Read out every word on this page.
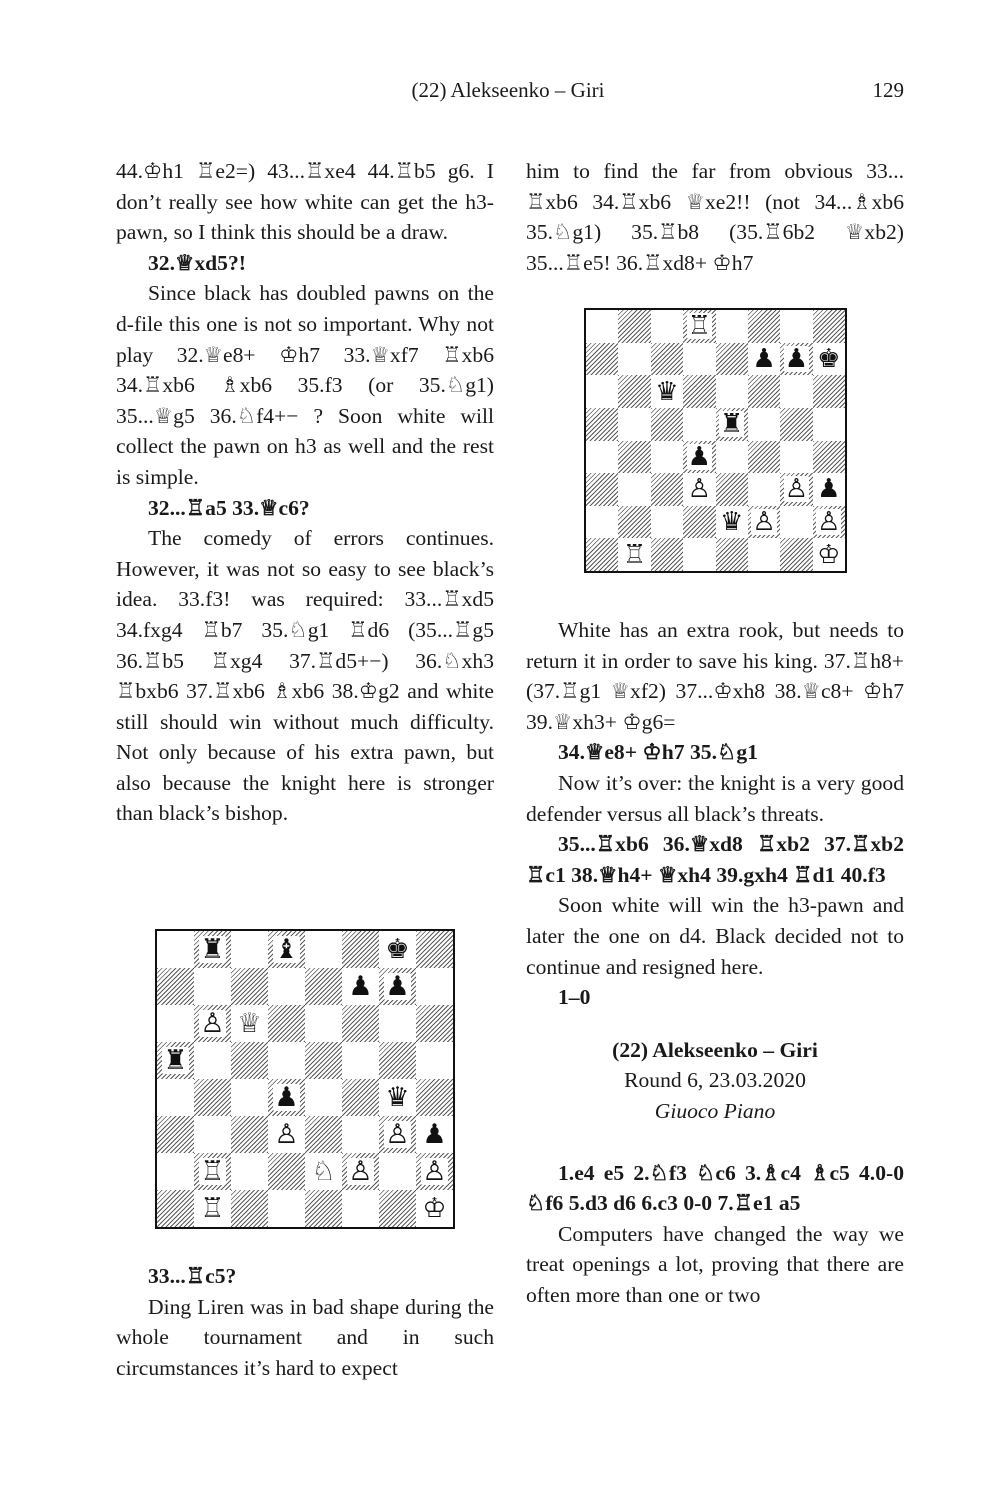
(22) Alekseenko – Giri	129

44.♔h1 ♖e2=) 43...♖xe4 44.♖b5 g6. I don’t really see how white can get the h3-pawn, so I think this should be a draw.

32.♕xd5?!

Since black has doubled pawns on the d-file this one is not so important. Why not play 32.♕e8+ ♔h7 33.♕xf7 ♖xb6 34.♖xb6 ♗xb6 35.f3 (or 35.♘g1) 35...♕g5 36.♘f4+− ? Soon white will collect the pawn on h3 as well and the rest is simple.

32...♖a5 33.♕c6?

The comedy of errors continues. However, it was not so easy to see black’s idea. 33.f3! was required: 33...♖xd5 34.fxg4 ♖b7 35.♘g1 ♖d6 (35...♖g5 36.♖b5 ♖xg4 37.♖d5+−) 36.♘xh3 ♖bxb6 37.♖xb6 ♗xb6 38.♔g2 and white still should win without much difficulty. Not only because of his extra pawn, but also because the knight here is stronger than black’s bishop.

♜ ♝	♚
♟ ♟
♙ ♕
♜
♟	♛
♙	♙ ♟
♖	♘ ♙ ♙
♖	♔

33...♖c5?

Ding Liren was in bad shape during the whole tournament and in such circumstances it’s hard to expect

him to find the far from obvious 33... ♖xb6 34.♖xb6 ♕xe2!! (not 34...♗xb6 35.♘g1) 35.♖b8 (35.♖6b2 ♕xb2) 35...♖e5! 36.♖xd8+ ♔h7

♖
♟ ♟ ♚
♛
♜
♟
♙	♙ ♟
♛ ♙ ♙
♖	♔

White has an extra rook, but needs to return it in order to save his king. 37.♖h8+ (37.♖g1 ♕xf2) 37...♔xh8 38.♕c8+ ♔h7 39.♕xh3+ ♔g6=

34.♕e8+ ♔h7 35.♘g1

Now it’s over: the knight is a very good defender versus all black’s threats.

35...♖xb6 36.♕xd8 ♖xb2 37.♖xb2 ♖c1 38.♕h4+ ♕xh4 39.gxh4 ♖d1 40.f3

Soon white will win the h3-pawn and later the one on d4. Black decided not to continue and resigned here.

1–0

(22) Alekseenko – Giri
Round 6, 23.03.2020
Giuoco Piano

1.e4 e5 2.♘f3 ♘c6 3.♗c4 ♗c5 4.0-0 ♘f6 5.d3 d6 6.c3 0-0 7.♖e1 a5

Computers have changed the way we treat openings a lot, proving that there are often more than one or two
